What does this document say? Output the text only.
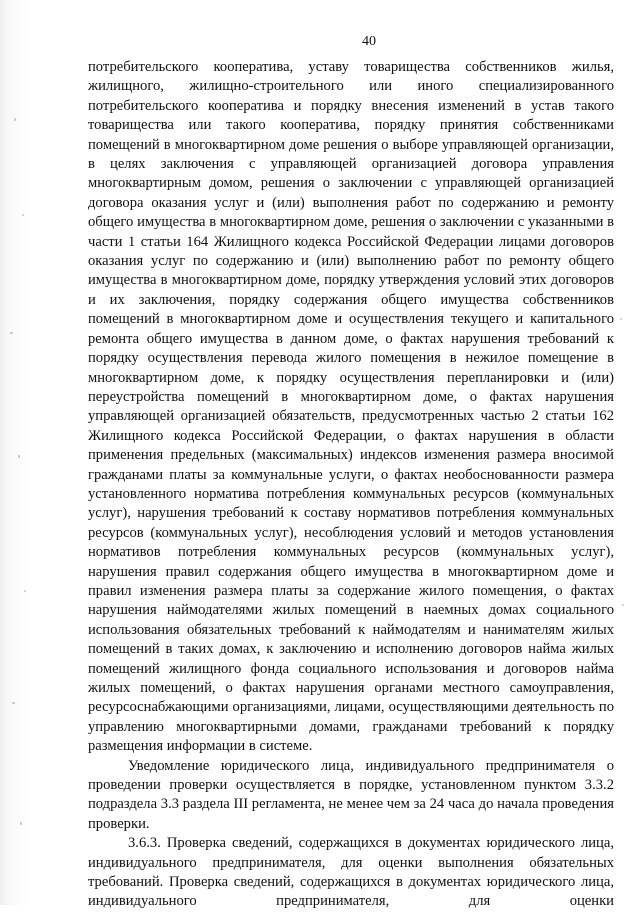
40

потребительского кооператива, уставу товарищества собственников жилья, жилищного, жилищно-строительного или иного специализированного потребительского кооператива и порядку внесения изменений в устав такого товарищества или такого кооператива, порядку принятия собственниками помещений в многоквартирном доме решения о выборе управляющей организации, в целях заключения с управляющей организацией договора управления многоквартирным домом, решения о заключении с управляющей организацией договора оказания услуг и (или) выполнения работ по содержанию и ремонту общего имущества в многоквартирном доме, решения о заключении с указанными в части 1 статьи 164 Жилищного кодекса Российской Федерации лицами договоров оказания услуг по содержанию и (или) выполнению работ по ремонту общего имущества в многоквартирном доме, порядку утверждения условий этих договоров и их заключения, порядку содержания общего имущества собственников помещений в многоквартирном доме и осуществления текущего и капитального ремонта общего имущества в данном доме, о фактах нарушения требований к порядку осуществления перевода жилого помещения в нежилое помещение в многоквартирном доме, к порядку осуществления перепланировки и (или) переустройства помещений в многоквартирном доме, о фактах нарушения управляющей организацией обязательств, предусмотренных частью 2 статьи 162 Жилищного кодекса Российской Федерации, о фактах нарушения в области применения предельных (максимальных) индексов изменения размера вносимой гражданами платы за коммунальные услуги, о фактах необоснованности размера установленного норматива потребления коммунальных ресурсов (коммунальных услуг), нарушения требований к составу нормативов потребления коммунальных ресурсов (коммунальных услуг), несоблюдения условий и методов установления нормативов потребления коммунальных ресурсов (коммунальных услуг), нарушения правил содержания общего имущества в многоквартирном доме и правил изменения размера платы за содержание жилого помещения, о фактах нарушения наймодателями жилых помещений в наемных домах социального использования обязательных требований к наймодателям и нанимателям жилых помещений в таких домах, к заключению и исполнению договоров найма жилых помещений жилищного фонда социального использования и договоров найма жилых помещений, о фактах нарушения органами местного самоуправления, ресурсоснабжающими организациями, лицами, осуществляющими деятельность по управлению многоквартирными домами, гражданами требований к порядку размещения информации в системе.

Уведомление юридического лица, индивидуального предпринимателя о проведении проверки осуществляется в порядке, установленном пунктом 3.3.2 подраздела 3.3 раздела III регламента, не менее чем за 24 часа до начала проведения проверки.

3.6.3. Проверка сведений, содержащихся в документах юридического лица, индивидуального предпринимателя, для оценки выполнения обязательных требований. Проверка сведений, содержащихся в документах юридического лица, индивидуального предпринимателя, для оценки
